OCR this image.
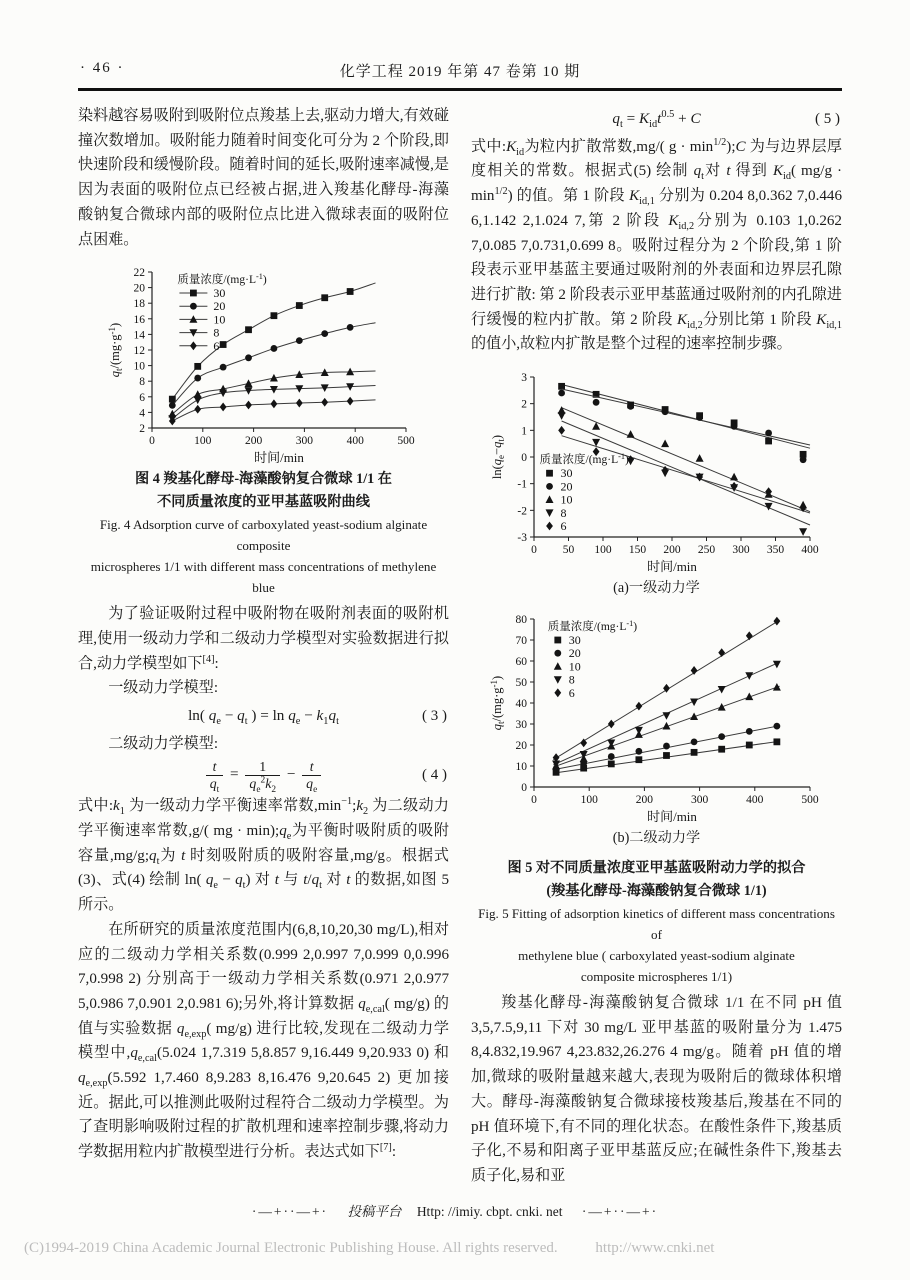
· 46 ·	化学工程 2019 年第 47 卷第 10 期

染料越容易吸附到吸附位点羧基上去,驱动力增大,有效碰撞次数增加。吸附能力随着时间变化可分为 2 个阶段,即快速阶段和缓慢阶段。随着时间的延长,吸附速率减慢,是因为表面的吸附位点已经被占据,进入羧基化酵母-海藻酸钠复合微球内部的吸附位点比进入微球表面的吸附位点困难。

0	100	200	300	400	500
2
4
6
8
10
12
14
16
18
20
22
时间/min
$q_t/(mg\cdot g^{-1})$
质量浓度$/(mg\cdot L^{-1})$
30
20
10
8
6
图 4 羧基化酵母-海藻酸钠复合微球 1/1 在
不同质量浓度的亚甲基蓝吸附曲线
Fig. 4 Adsorption curve of carboxylated yeast-sodium alginate composite
microspheres 1/1 with different mass concentrations of methylene blue

为了验证吸附过程中吸附物在吸附剂表面的吸附机理,使用一级动力学和二级动力学模型对实验数据进行拟合,动力学模型如下[4]:

一级动力学模型:

ln( $q_e - q_t$ ) = $\ln q_e - k_1q_t$	( 3 )

二级动力学模型:

$\frac{t}{q_t} = \frac{1}{q_e^2k_2} - \frac{t}{q_e}$	( 4 )

式中$:k_1$ 为一级动力学平衡速率常数$,\min^{-1};k_2$ 为二级动力学平衡速率常数,g/( mg · $\min);q_e$为平衡时吸附质的吸附容量$,mg/g;q_t$为 t 时刻吸附质的吸附容量,mg/g。根据式(3)、式(4) 绘制 ln( $q_e - q_t$) 对 t 与 $t/q_t$ 对 t 的数据,如图 5 所示。

在所研究的质量浓度范围内(6,8,10,20,30 mg/L),相对应的二级动力学相关系数(0.999 2,0.997 7,0.999 0,0.996 7,0.998 2) 分别高于一级动力学相关系数(0.971 2,0.977 5,0.986 7,0.901 2,0.981 6);另外,将计算数据 $q_{e,cal}$( mg/g) 的值与实验数据 $q_{e,exp}$( mg/g) 进行比较,发现在二级动力学模型中$,q_{e,cal}(5.024$ 1,7.319 5,8.857 9,16.449 9,20.933 0) 和 $q_{e,exp}(5.592$ 1,7.460 8,9.283 8,16.476 9,20.645 2) 更加接近。据此,可以推测此吸附过程符合二级动力学模型。为了查明影响吸附过程的扩散机理和速率控制步骤,将动力学数据用粒内扩散模型进行分析。表达式如下[7]:

$q_t = K_{id}t^{0.5} + C$	( 5 )

式中$:K_{id}$为粒内扩散常数,mg/( $g \cdot \min^{1/2});C$ 为与边界层厚度相关的常数。根据式(5) 绘制 $q_t$对 t 得到 $K_{id}$( $mg/g \cdot \min^{1/2}$) 的值。第 1 阶段 $K_{id,1}$ 分别为 0.204 8,0.362 7,0.446 6,1.142 2,1.024 7,第 2 阶段 $K_{id,2}$分别为 0.103 1,0.262 7,0.085 7,0.731,0.699 8。吸附过程分为 2 个阶段,第 1 阶段表示亚甲基蓝主要通过吸附剂的外表面和边界层孔隙进行扩散: 第 2 阶段表示亚甲基蓝通过吸附剂的内孔隙进行缓慢的粒内扩散。第 2 阶段 $K_{id,2}$分别比第 1 阶段 $K_{id,1}$的值小,故粒内扩散是整个过程的速率控制步骤。

0 50 100 150 200 250 300 350 400
-3
-2
-1
0
1
2
3
时间/min
$\ln(q_e-q_t)$
质量浓度$/(mg\cdot L^{-1})$
30
20
10
8
6
(a)一级动力学
0	100	200	300	400	500
0
10
20
30
40
50
60
70
80
时间/min
$q_t/(mg\cdot g^{-1})$
质量浓度$/(mg\cdot L^{-1})$
30
20
10
8
6
(b)二级动力学
图 5 对不同质量浓度亚甲基蓝吸附动力学的拟合
(羧基化酵母-海藻酸钠复合微球 1/1)
Fig. 5 Fitting of adsorption kinetics of different mass concentrations of
methylene blue ( carboxylated yeast-sodium alginate
composite microspheres 1/1)

羧基化酵母-海藻酸钠复合微球 1/1 在不同 pH 值 3,5,7.5,9,11 下对 30 mg/L 亚甲基蓝的吸附量分为 1.475 8,4.832,19.967 4,23.832,26.276 4 mg/g。随着 pH 值的增加,微球的吸附量越来越大,表现为吸附后的微球体积增大。酵母-海藻酸钠复合微球接枝羧基后,羧基在不同的 pH 值环境下,有不同的理化状态。在酸性条件下,羧基质子化,不易和阳离子亚甲基蓝反应;在碱性条件下,羧基去质子化,易和亚

·—+··—+· 投稿平台 Http: //imiy. cbpt. cnki. net ·—+··—+·
(C)1994-2019 China Academic Journal Electronic Publishing House. All rights reserved.	http://www.cnki.net
